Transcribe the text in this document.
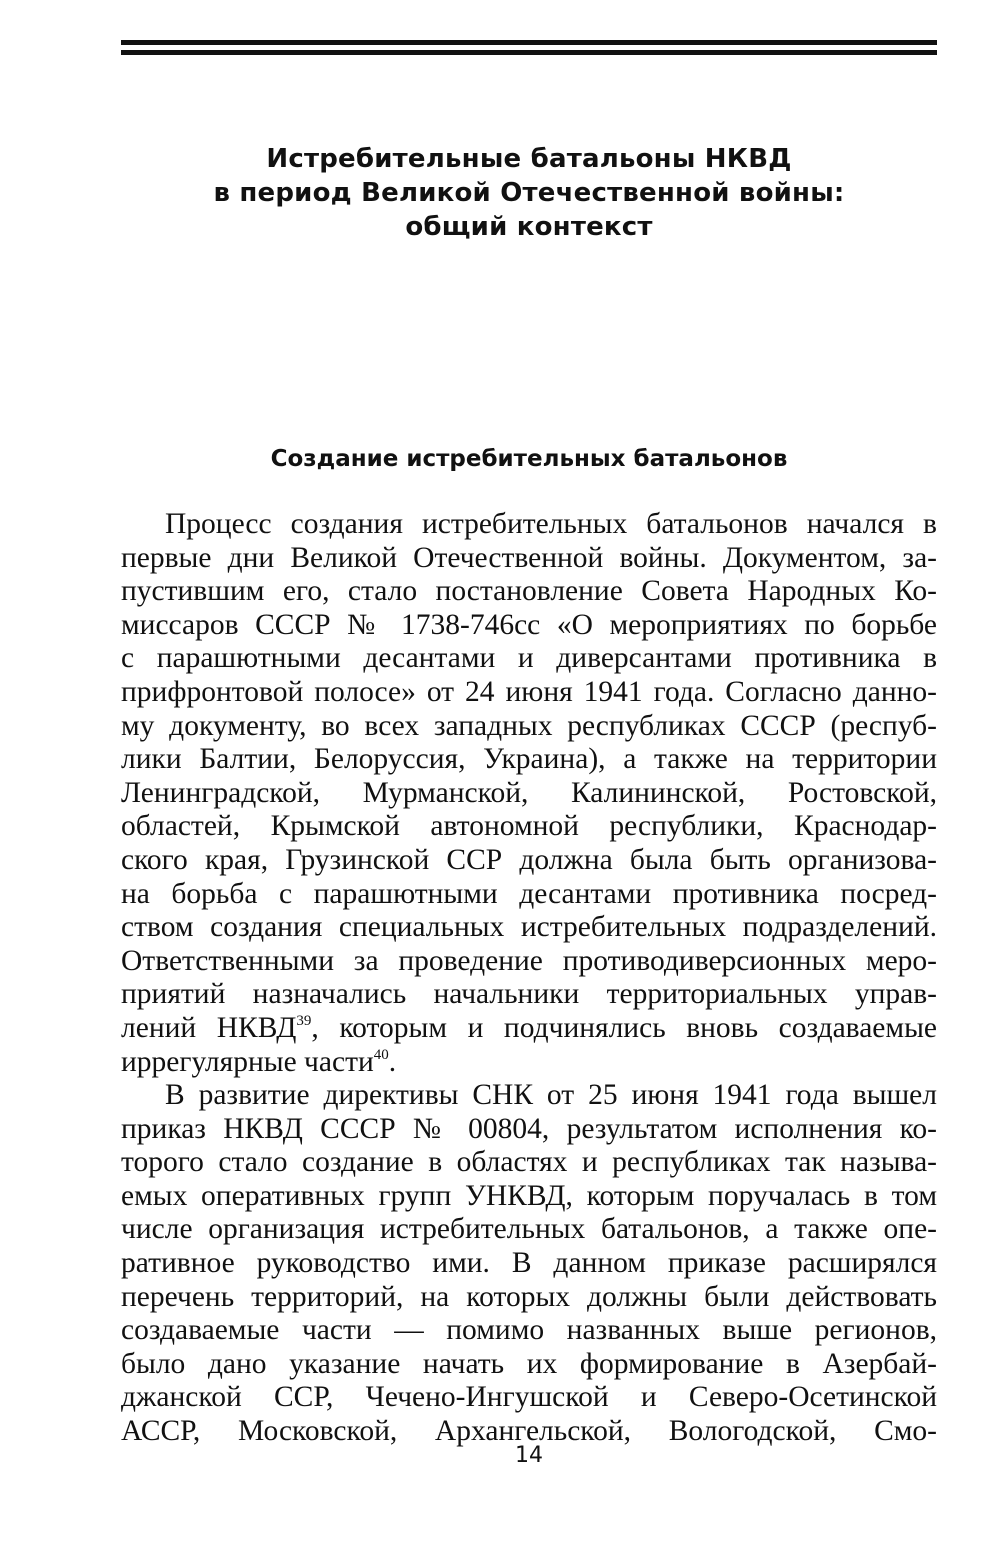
Истребительные батальоны НКВД
в период Великой Отечественной войны:
общий контекст
Создание истребительных батальонов
Процесс создания истребительных батальонов начался в
первые дни Великой Отечественной войны. Документом, за-
пустившим его, стало постановление Совета Народных Ко-
миссаров СССР № 1738-746сс «О мероприятиях по борьбе
с парашютными десантами и диверсантами противника в
прифронтовой полосе» от 24 июня 1941 года. Согласно данно-
му документу, во всех западных республиках СССР (респуб-
лики Балтии, Белоруссия, Украина), а также на территории
Ленинградской, Мурманской, Калининской, Ростовской,
областей, Крымской автономной республики, Краснодар-
ского края, Грузинской ССР должна была быть организова-
на борьба с парашютными десантами противника посред-
ством создания специальных истребительных подразделений.
Ответственными за проведение противодиверсионных меро-
приятий назначались начальники территориальных управ-
лений НКВД$^{39}$, которым и подчинялись вновь создаваемые
иррегулярные части$^{40}$.
В развитие директивы СНК от 25 июня 1941 года вышел
приказ НКВД СССР № 00804, результатом исполнения ко-
торого стало создание в областях и республиках так называ-
емых оперативных групп УНКВД, которым поручалась в том
числе организация истребительных батальонов, а также опе-
ративное руководство ими. В данном приказе расширялся
перечень территорий, на которых должны были действовать
создаваемые части — помимо названных выше регионов,
было дано указание начать их формирование в Азербай-
джанской ССР, Чечено-Ингушской и Северо-Осетинской
АССР, Московской, Архангельской, Вологодской, Смо-
14
